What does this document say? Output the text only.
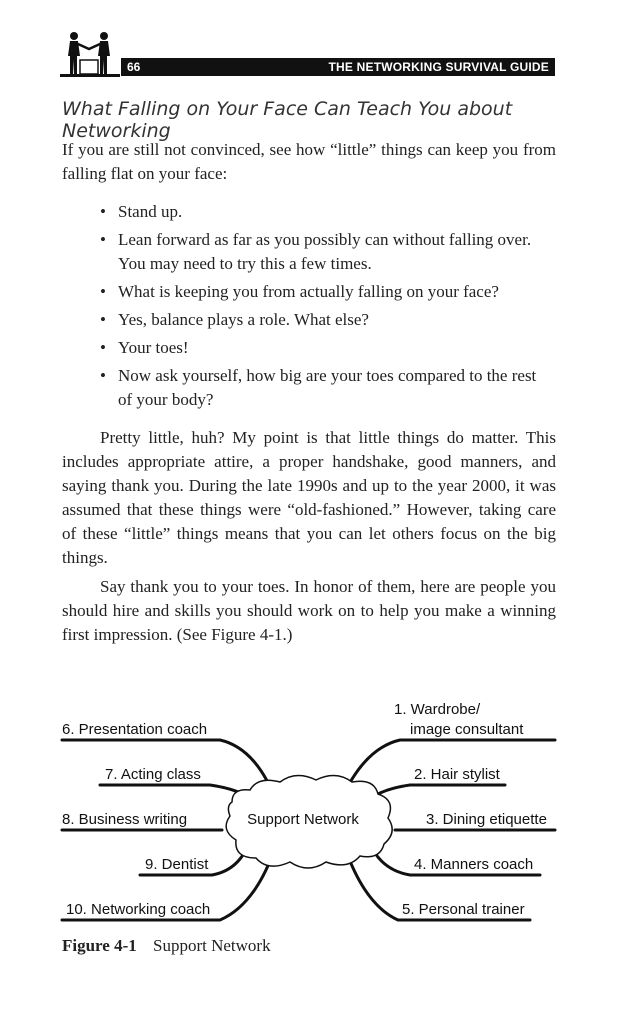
66	THE NETWORKING SURVIVAL GUIDE
What Falling on Your Face Can Teach You about Networking
If you are still not convinced, see how “little” things can keep you from falling flat on your face:
• Stand up.
• Lean forward as far as you possibly can without falling over. You may need to try this a few times.
• What is keeping you from actually falling on your face?
• Yes, balance plays a role. What else?
• Your toes!
• Now ask yourself, how big are your toes compared to the rest of your body?
Pretty little, huh? My point is that little things do matter. This includes appropriate attire, a proper handshake, good manners, and saying thank you. During the late 1990s and up to the year 2000, it was assumed that these things were “old-fashioned.” However, taking care of these “little” things means that you can let others focus on the big things.
Say thank you to your toes. In honor of them, here are people you should hire and skills you should work on to help you make a winning first impression. (See Figure 4-1.)
Support Network
6. Presentation coach
7. Acting class
8. Business writing
9. Dentist
10. Networking coach
1. Wardrobe/
image consultant
2. Hair stylist
3. Dining etiquette
4. Manners coach
5. Personal trainer
Figure 4-1 Support Network
